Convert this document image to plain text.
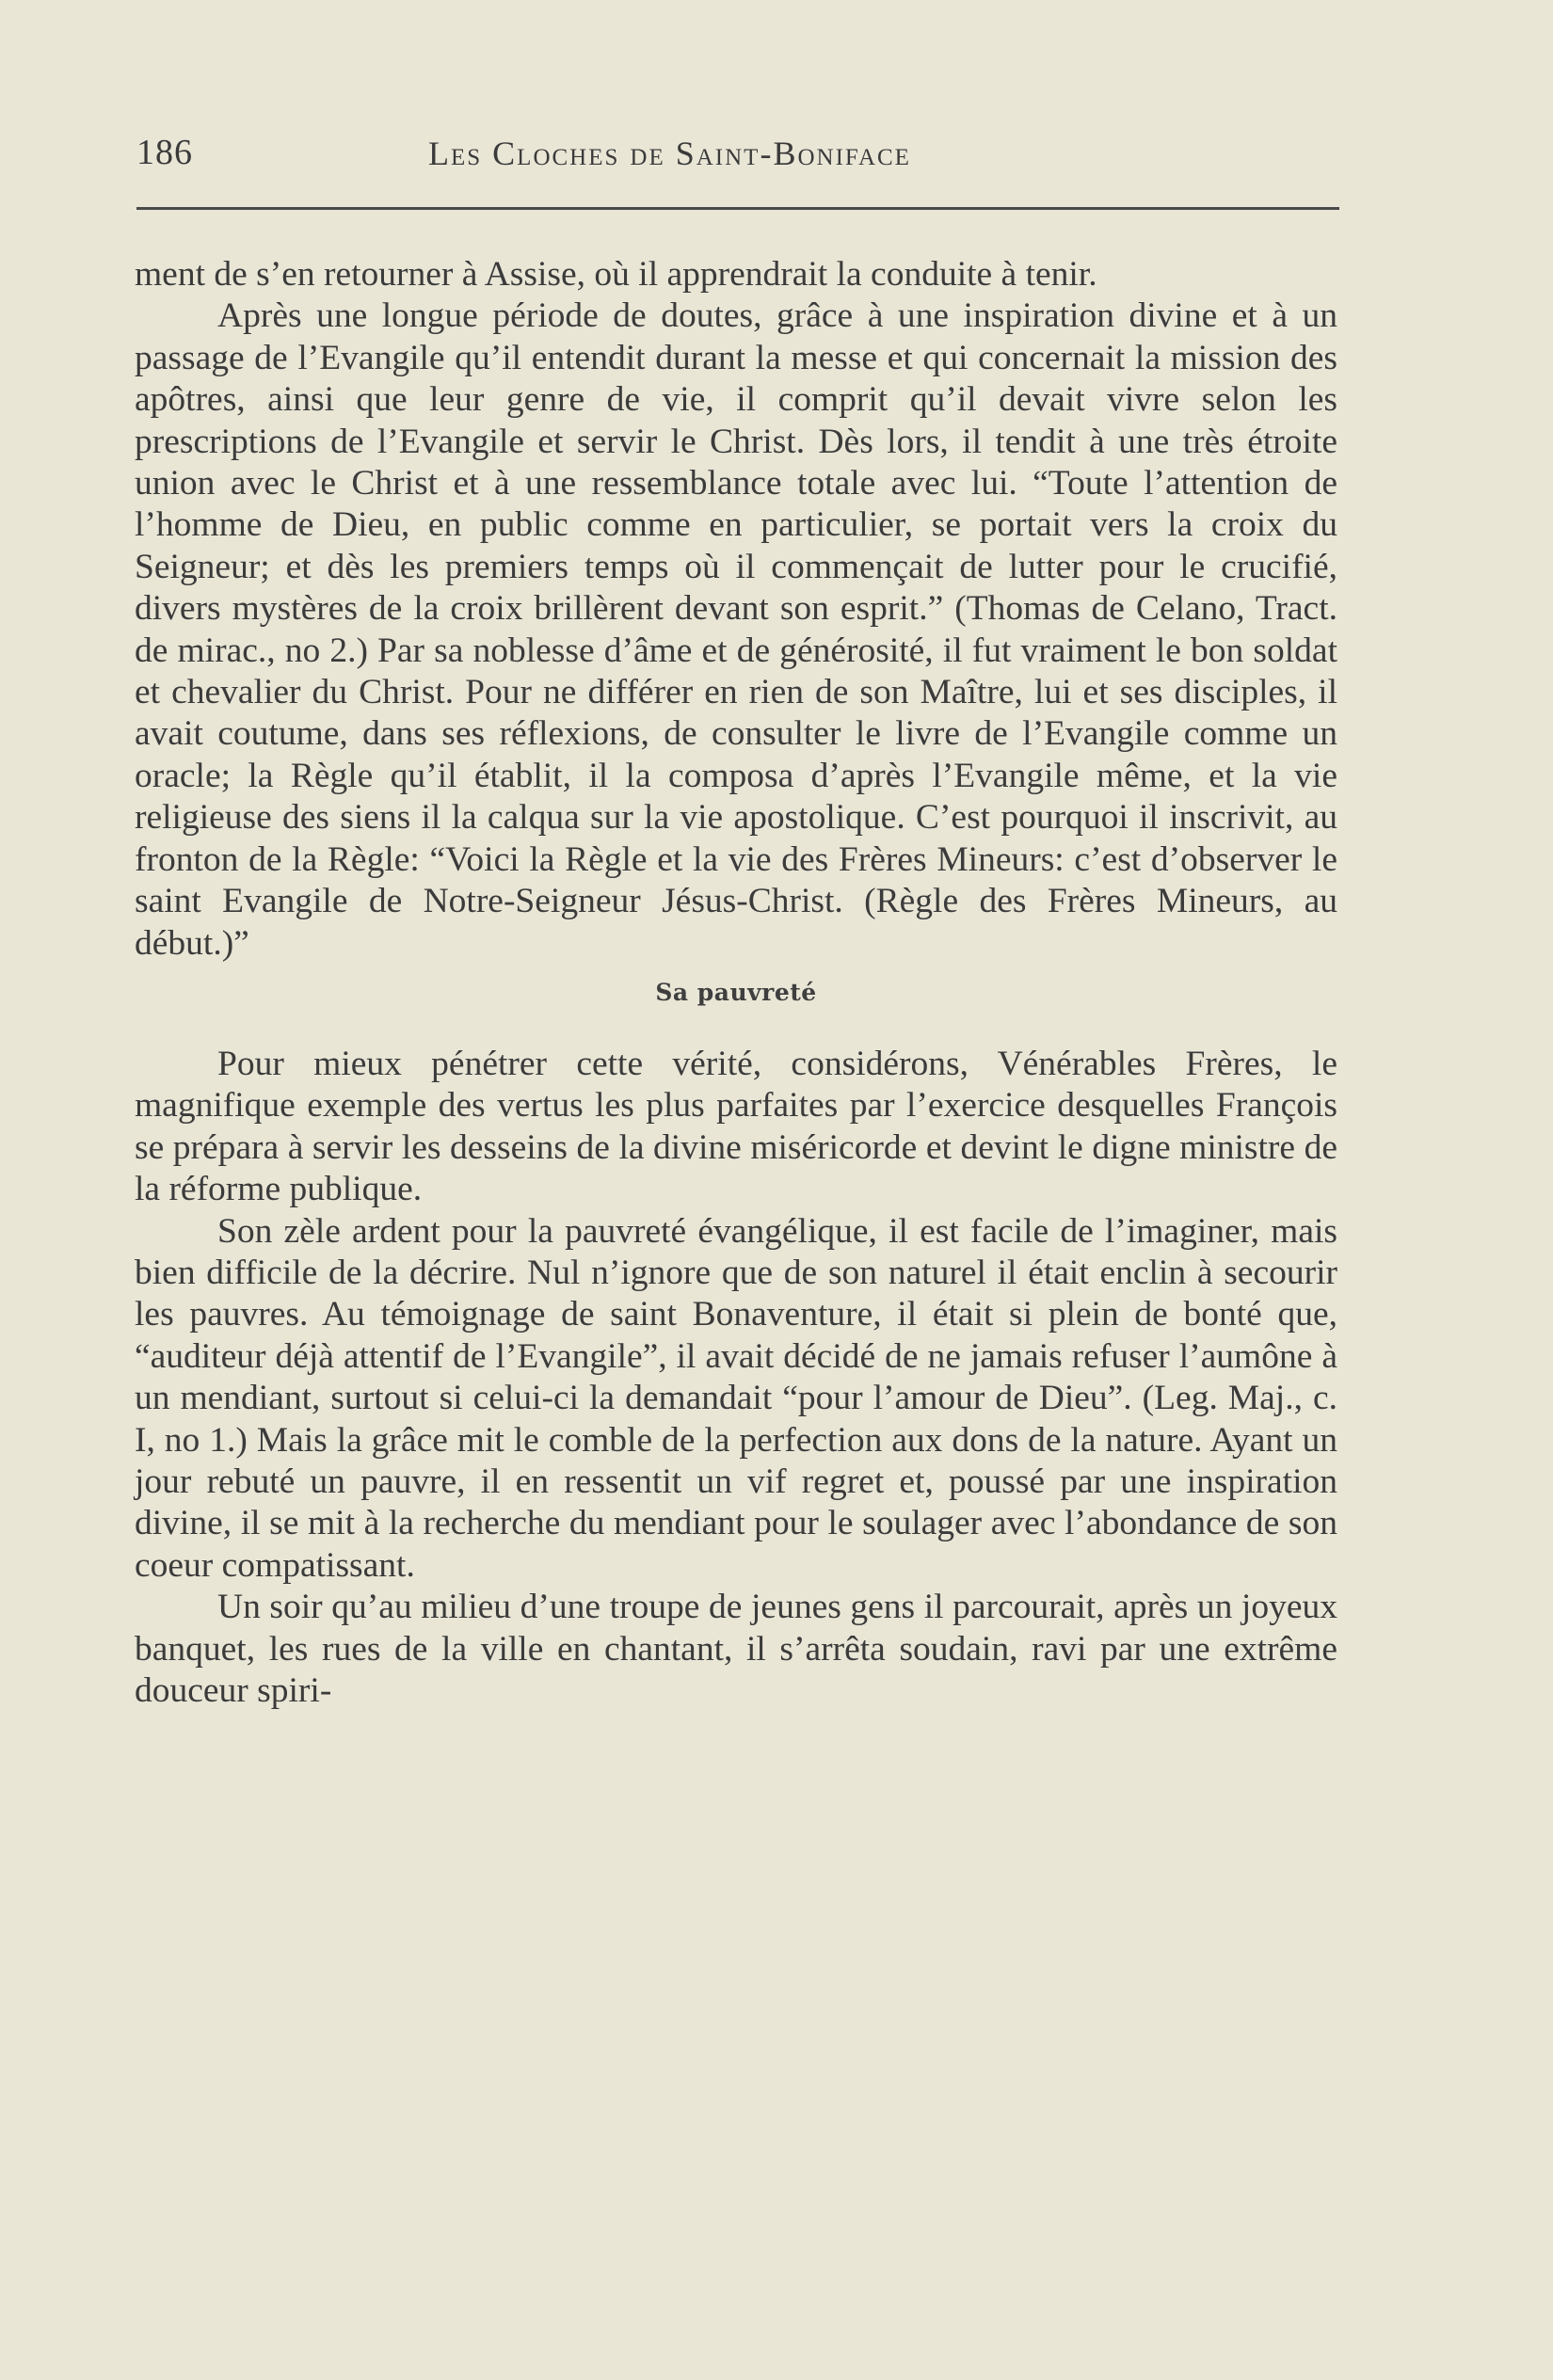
186	Les Cloches de Saint-Boniface

ment de s’en retourner à Assise, où il apprendrait la conduite à tenir.

Après une longue période de doutes, grâce à une inspiration divine et à un passage de l’Evangile qu’il entendit durant la messe et qui concernait la mission des apôtres, ainsi que leur genre de vie, il comprit qu’il devait vivre selon les prescriptions de l’Evangile et servir le Christ. Dès lors, il tendit à une très étroite union avec le Christ et à une ressemblance totale avec lui. “Toute l’attention de l’homme de Dieu, en public comme en particulier, se portait vers la croix du Seigneur; et dès les premiers temps où il commençait de lutter pour le crucifié, divers mystères de la croix brillèrent devant son esprit.” (Thomas de Celano, Tract. de mirac., no 2.) Par sa noblesse d’âme et de générosité, il fut vraiment le bon soldat et chevalier du Christ. Pour ne différer en rien de son Maître, lui et ses disciples, il avait coutume, dans ses réflexions, de consulter le livre de l’Evangile comme un oracle; la Règle qu’il établit, il la composa d’après l’Evangile même, et la vie religieuse des siens il la calqua sur la vie apostolique. C’est pourquoi il inscrivit, au fronton de la Règle: “Voici la Règle et la vie des Frères Mineurs: c’est d’observer le saint Evangile de Notre-Seigneur Jésus-Christ. (Règle des Frères Mineurs, au début.)”

Sa pauvreté

Pour mieux pénétrer cette vérité, considérons, Vénérables Frères, le magnifique exemple des vertus les plus parfaites par l’exercice desquelles François se prépara à servir les desseins de la divine miséricorde et devint le digne ministre de la réforme publique.

Son zèle ardent pour la pauvreté évangélique, il est facile de l’imaginer, mais bien difficile de la décrire. Nul n’ignore que de son naturel il était enclin à secourir les pauvres. Au témoignage de saint Bonaventure, il était si plein de bonté que, “auditeur déjà attentif de l’Evangile”, il avait décidé de ne jamais refuser l’aumône à un mendiant, surtout si celui-ci la demandait “pour l’amour de Dieu”. (Leg. Maj., c. I, no 1.) Mais la grâce mit le comble de la perfection aux dons de la nature. Ayant un jour rebuté un pauvre, il en ressentit un vif regret et, poussé par une inspiration divine, il se mit à la recherche du mendiant pour le soulager avec l’abondance de son coeur compatissant.

Un soir qu’au milieu d’une troupe de jeunes gens il parcourait, après un joyeux banquet, les rues de la ville en chantant, il s’arrêta soudain, ravi par une extrême douceur spiri-
